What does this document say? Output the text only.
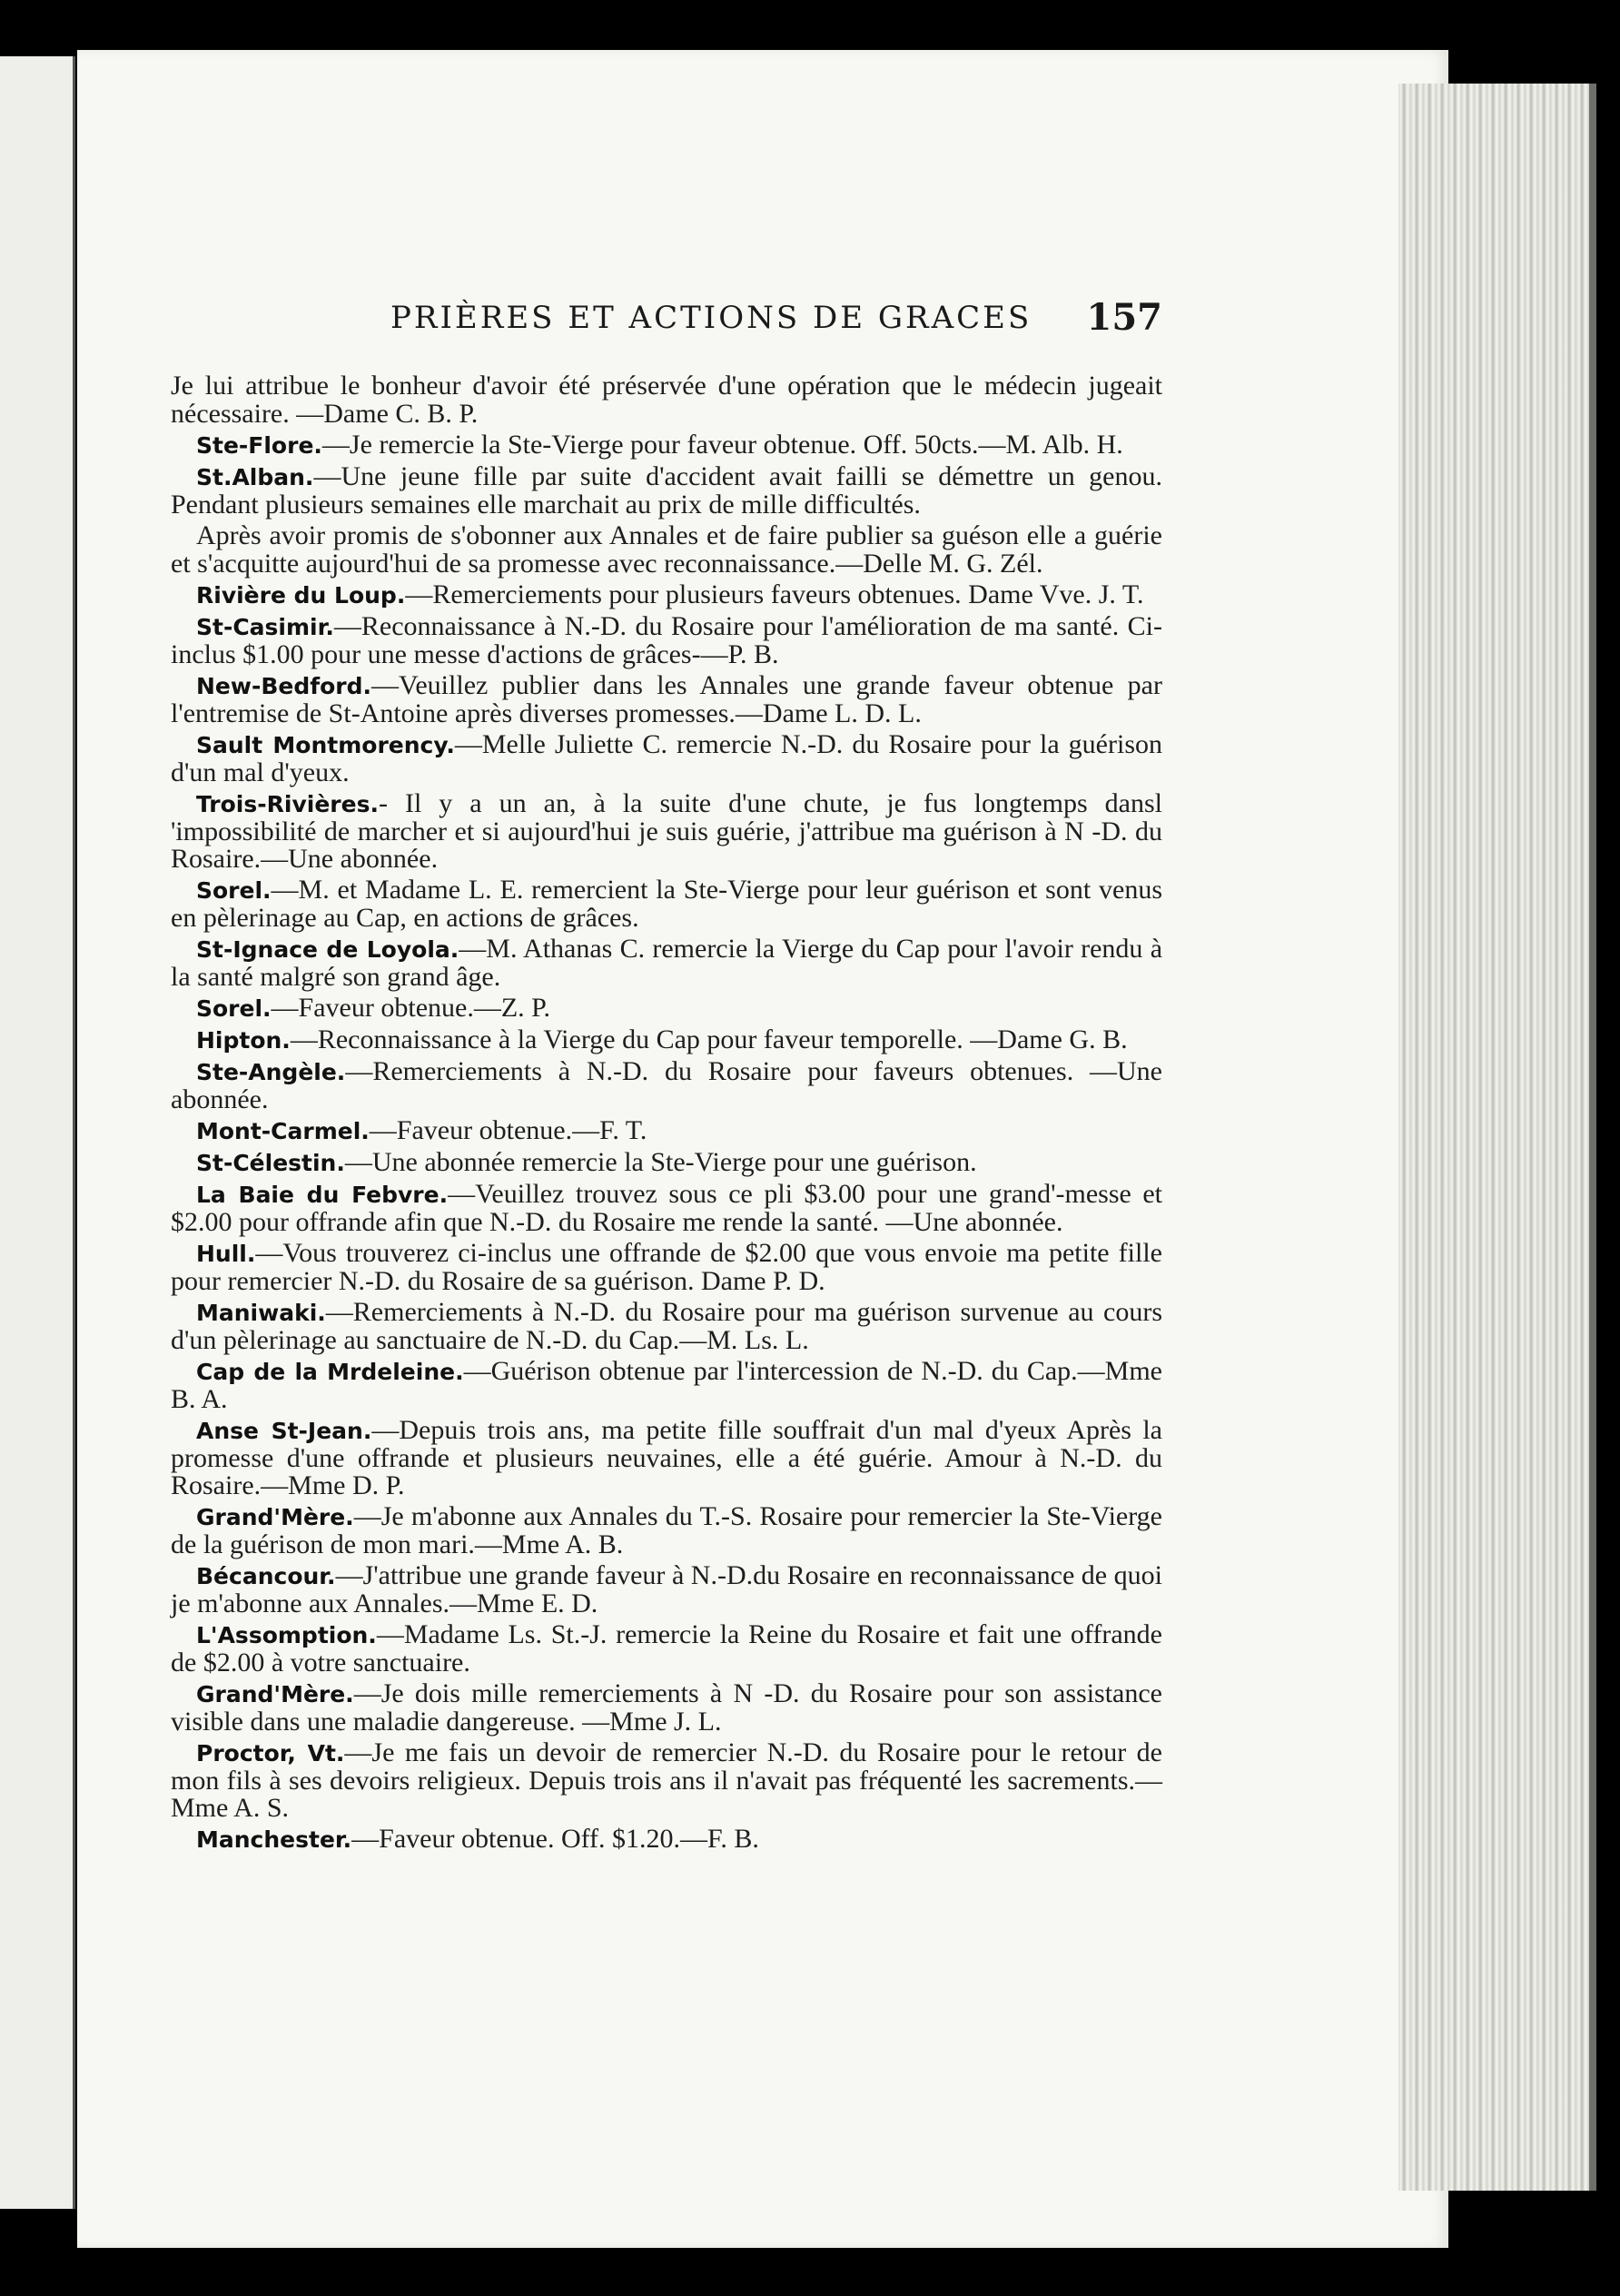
PRIÈRES ET ACTIONS DE GRACES 157

Je lui attribue le bonheur d'avoir été préservée d'une opération que le médecin jugeait nécessaire. —Dame C. B. P.

Ste-Flore.—Je remercie la Ste-Vierge pour faveur obtenue. Off. 50cts.—M. Alb. H.

St.Alban.—Une jeune fille par suite d'accident avait failli se démettre un genou. Pendant plusieurs semaines elle marchait au prix de mille difficultés.

Après avoir promis de s'obonner aux Annales et de faire publier sa guéson elle a guérie et s'acquitte aujourd'hui de sa promesse avec reconnaissance.—Delle M. G. Zél.

Rivière du Loup.—Remerciements pour plusieurs faveurs obtenues. Dame Vve. J. T.

St-Casimir.—Reconnaissance à N.-D. du Rosaire pour l'amélioration de ma santé. Ci-inclus $1.00 pour une messe d'actions de grâces-—P. B.

New-Bedford.—Veuillez publier dans les Annales une grande faveur obtenue par l'entremise de St-Antoine après diverses promesses.—Dame L. D. L.

Sault Montmorency.—Melle Juliette C. remercie N.-D. du Rosaire pour la guérison d'un mal d'yeux.

Trois-Rivières.- Il y a un an, à la suite d'une chute, je fus longtemps dansl 'impossibilité de marcher et si aujourd'hui je suis guérie, j'attribue ma guérison à N -D. du Rosaire.—Une abonnée.

Sorel.—M. et Madame L. E. remercient la Ste-Vierge pour leur guérison et sont venus en pèlerinage au Cap, en actions de grâces.

St-Ignace de Loyola.—M. Athanas C. remercie la Vierge du Cap pour l'avoir rendu à la santé malgré son grand âge.

Sorel.—Faveur obtenue.—Z. P.

Hipton.—Reconnaissance à la Vierge du Cap pour faveur temporelle. —Dame G. B.

Ste-Angèle.—Remerciements à N.-D. du Rosaire pour faveurs obtenues. —Une abonnée.

Mont-Carmel.—Faveur obtenue.—F. T.

St-Célestin.—Une abonnée remercie la Ste-Vierge pour une guérison.

La Baie du Febvre.—Veuillez trouvez sous ce pli $3.00 pour une grand'-messe et $2.00 pour offrande afin que N.-D. du Rosaire me rende la santé. —Une abonnée.

Hull.—Vous trouverez ci-inclus une offrande de $2.00 que vous envoie ma petite fille pour remercier N.-D. du Rosaire de sa guérison. Dame P. D.

Maniwaki.—Remerciements à N.-D. du Rosaire pour ma guérison survenue au cours d'un pèlerinage au sanctuaire de N.-D. du Cap.—M. Ls. L.

Cap de la Mrdeleine.—Guérison obtenue par l'intercession de N.-D. du Cap.—Mme B. A.

Anse St-Jean.—Depuis trois ans, ma petite fille souffrait d'un mal d'yeux Après la promesse d'une offrande et plusieurs neuvaines, elle a été guérie. Amour à N.-D. du Rosaire.—Mme D. P.

Grand'Mère.—Je m'abonne aux Annales du T.-S. Rosaire pour remercier la Ste-Vierge de la guérison de mon mari.—Mme A. B.

Bécancour.—J'attribue une grande faveur à N.-D.du Rosaire en reconnaissance de quoi je m'abonne aux Annales.—Mme E. D.

L'Assomption.—Madame Ls. St.-J. remercie la Reine du Rosaire et fait une offrande de $2.00 à votre sanctuaire.

Grand'Mère.—Je dois mille remerciements à N -D. du Rosaire pour son assistance visible dans une maladie dangereuse. —Mme J. L.

Proctor, Vt.—Je me fais un devoir de remercier N.-D. du Rosaire pour le retour de mon fils à ses devoirs religieux. Depuis trois ans il n'avait pas fréquenté les sacrements.—Mme A. S.

Manchester.—Faveur obtenue. Off. $1.20.—F. B.
